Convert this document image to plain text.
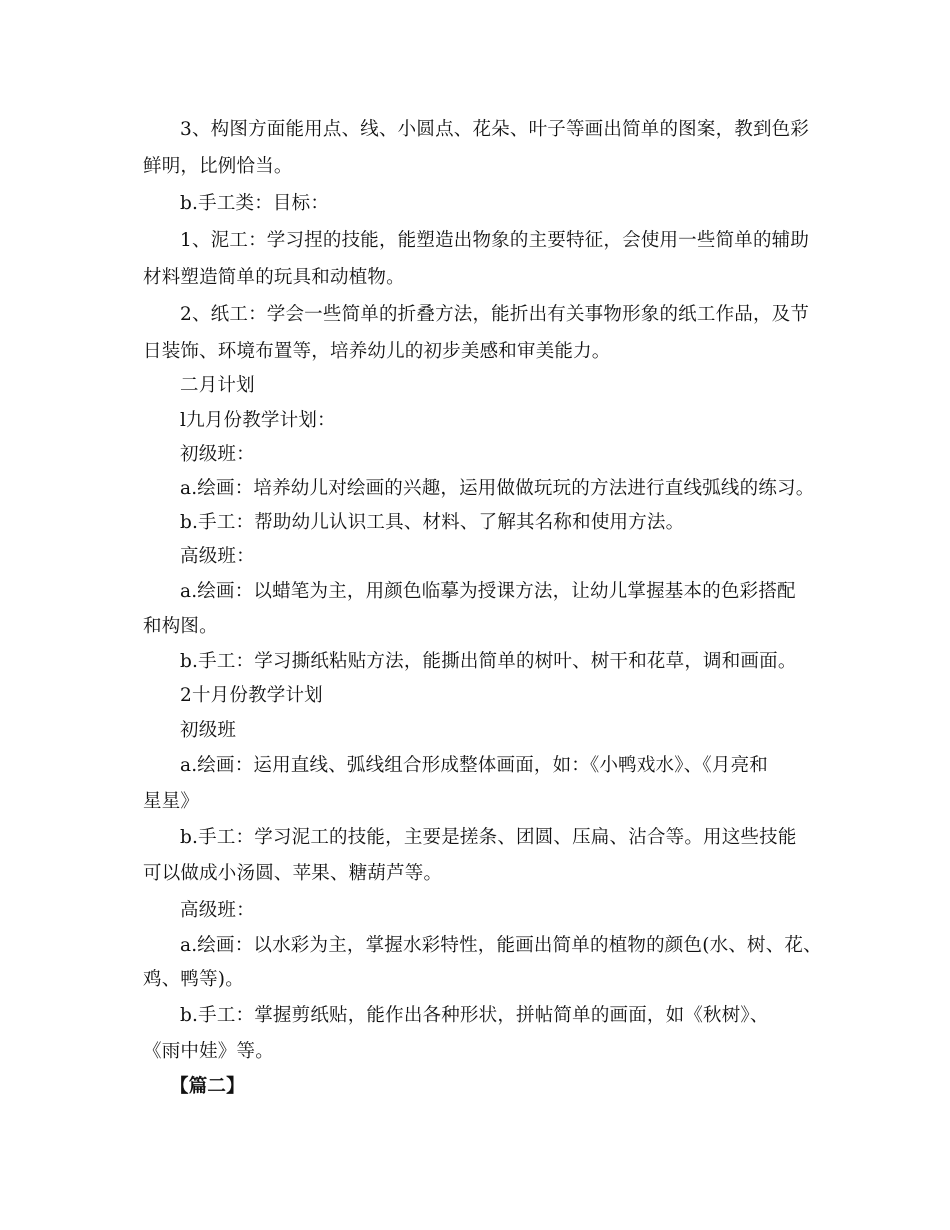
3、构图方面能用点、线、小圆点、花朵、叶子等画出简单的图案，教到色彩
鲜明，比例恰当。
b.手工类：目标：
1、泥工：学习捏的技能，能塑造出物象的主要特征，会使用一些简单的辅助
材料塑造简单的玩具和动植物。
2、纸工：学会一些简单的折叠方法，能折出有关事物形象的纸工作品，及节
日装饰、环境布置等，培养幼儿的初步美感和审美能力。
二月计划
l九月份教学计划：
初级班：
a.绘画：培养幼儿对绘画的兴趣，运用做做玩玩的方法进行直线弧线的练习。
b.手工：帮助幼儿认识工具、材料、了解其名称和使用方法。
高级班：
a.绘画：以蜡笔为主，用颜色临摹为授课方法，让幼儿掌握基本的色彩搭配
和构图。
b.手工：学习撕纸粘贴方法，能撕出简单的树叶、树干和花草，调和画面。
2十月份教学计划
初级班
a.绘画：运用直线、弧线组合形成整体画面，如：《小鸭戏水》、《月亮和
星星》
b.手工：学习泥工的技能，主要是搓条、团圆、压扁、沾合等。用这些技能
可以做成小汤圆、苹果、糖葫芦等。
高级班：
a.绘画：以水彩为主，掌握水彩特性，能画出简单的植物的颜色(水、树、花、
鸡、鸭等)。
b.手工：掌握剪纸贴，能作出各种形状，拼帖简单的画面，如《秋树》、
《雨中娃》等。
【篇二】
